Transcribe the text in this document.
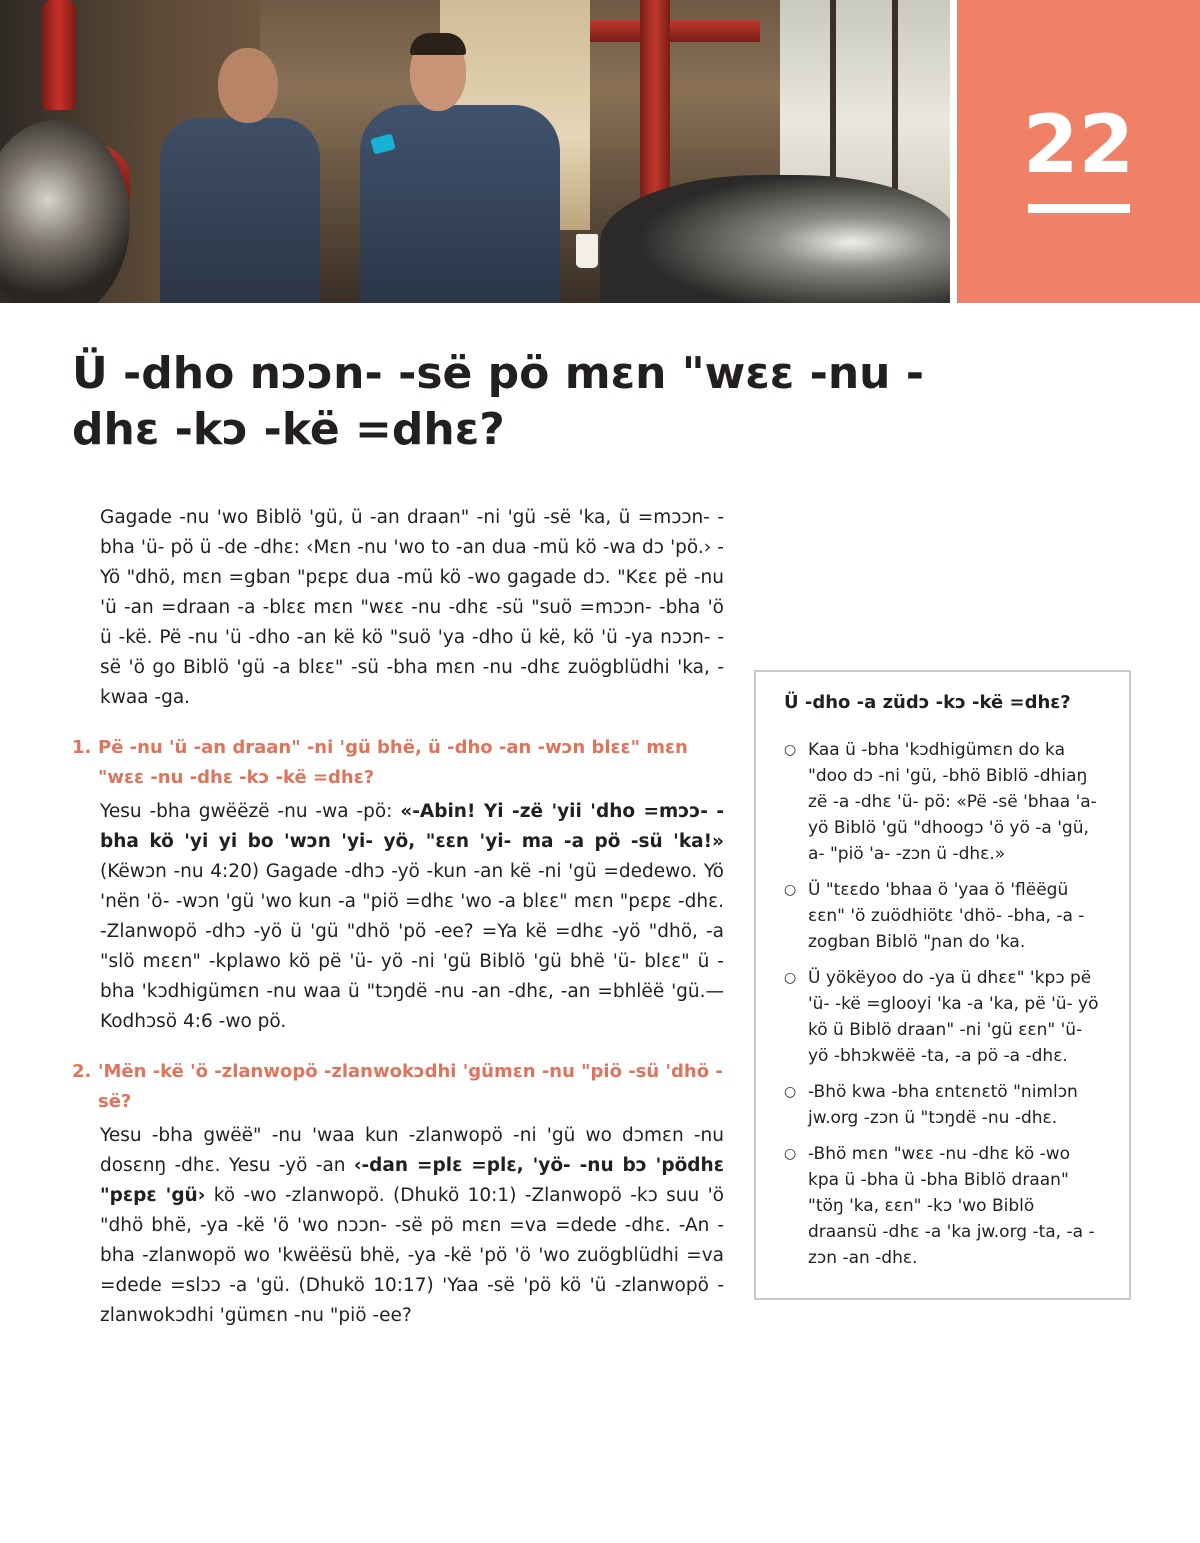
22
Ü -dho nɔɔn- -së pö mɛn "wɛɛ -nu -dhɛ -kɔ -kë =dhɛ?

Gagade -nu 'wo Biblö 'gü, ü -an draan" -ni 'gü -së 'ka, ü =mɔɔn- -bha 'ü- pö ü -de -dhɛ: ‹Mɛn -nu 'wo to -an dua -mü kö -wa dɔ 'pö.› -Yö "dhö, mɛn =gban "pɛpɛ dua -mü kö -wo gagade dɔ. "Kɛɛ pë -nu 'ü -an =draan -a -blɛɛ mɛn "wɛɛ -nu -dhɛ -sü "suö =mɔɔn- -bha 'ö ü -kë. Pë -nu 'ü -dho -an kë kö "suö 'ya -dho ü kë, kö 'ü -ya nɔɔn- -së 'ö go Biblö 'gü -a blɛɛ" -sü -bha mɛn -nu -dhɛ zuögblüdhi 'ka, -kwaa -ga.

1. Pë -nu 'ü -an draan" -ni 'gü bhë, ü -dho -an -wɔn blɛɛ" mɛn "wɛɛ -nu -dhɛ -kɔ -kë =dhɛ?

Yesu -bha gwëëzë -nu -wa -pö: «-Abin! Yi -zë 'yii 'dho =mɔɔ- -bha kö 'yi yi bo 'wɔn 'yi- yö, "ɛɛn 'yi- ma -a pö -sü 'ka!» (Këwɔn -nu 4:20) Gagade -dhɔ -yö -kun -an kë -ni 'gü =dedewo. Yö 'nën 'ö- -wɔn 'gü 'wo kun -a "piö =dhɛ 'wo -a blɛɛ" mɛn "pɛpɛ -dhɛ. -Zlanwopö -dhɔ -yö ü 'gü "dhö 'pö -ee? =Ya kë =dhɛ -yö "dhö, -a "slö mɛɛn" -kplawo kö pë 'ü- yö -ni 'gü Biblö 'gü bhë 'ü- blɛɛ" ü -bha 'kɔdhigümɛn -nu waa ü "tɔŋdë -nu -an -dhɛ, -an =bhlëë 'gü.—Kodhɔsö 4:6 -wo pö.

2. 'Mën -kë 'ö -zlanwopö -zlanwokɔdhi 'gümɛn -nu "piö -sü 'dhö -së?

Yesu -bha gwëë" -nu 'waa kun -zlanwopö -ni 'gü wo dɔmɛn -nu dosɛnŋ -dhɛ. Yesu -yö -an ‹-dan =plɛ =plɛ, 'yö- -nu bɔ 'pödhɛ "pɛpɛ 'gü› kö -wo -zlanwopö. (Dhukö 10:1) -Zlanwopö -kɔ suu 'ö "dhö bhë, -ya -kë 'ö 'wo nɔɔn- -së pö mɛn =va =dede -dhɛ. -An -bha -zlanwopö wo 'kwëësü bhë, -ya -kë 'pö 'ö 'wo zuögblüdhi =va =dede =slɔɔ -a 'gü. (Dhukö 10:17) 'Yaa -së 'pö kö 'ü -zlanwopö -zlanwokɔdhi 'gümɛn -nu "piö -ee?

Ü -dho -a züdɔ -kɔ -kë =dhɛ?
○ Kaa ü -bha 'kɔdhigümɛn do ka "doo dɔ -ni 'gü, -bhö Biblö -dhiaŋ zë -a -dhɛ 'ü- pö: «Pë -së 'bhaa 'a- yö Biblö 'gü "dhoogɔ 'ö yö -a 'gü, a- "piö 'a- -zɔn ü -dhɛ.»
○ Ü "tɛɛdo 'bhaa ö 'yaa ö 'flëëgü ɛɛn" 'ö zuödhiötɛ 'dhö- -bha, -a -zogban Biblö "ɲan do 'ka.
○ Ü yökëyoo do -ya ü dhɛɛ" 'kpɔ pë 'ü- -kë =glooyi 'ka -a 'ka, pë 'ü- yö kö ü Biblö draan" -ni 'gü ɛɛn" 'ü- yö -bhɔkwëë -ta, -a pö -a -dhɛ.
○ -Bhö kwa -bha ɛntɛnɛtö "nimlɔn jw.org -zɔn ü "tɔŋdë -nu -dhɛ.
○ -Bhö mɛn "wɛɛ -nu -dhɛ kö -wo kpa ü -bha ü -bha Biblö draan" "töŋ 'ka, ɛɛn" -kɔ 'wo Biblö draansü -dhɛ -a 'ka jw.org -ta, -a -zɔn -an -dhɛ.
